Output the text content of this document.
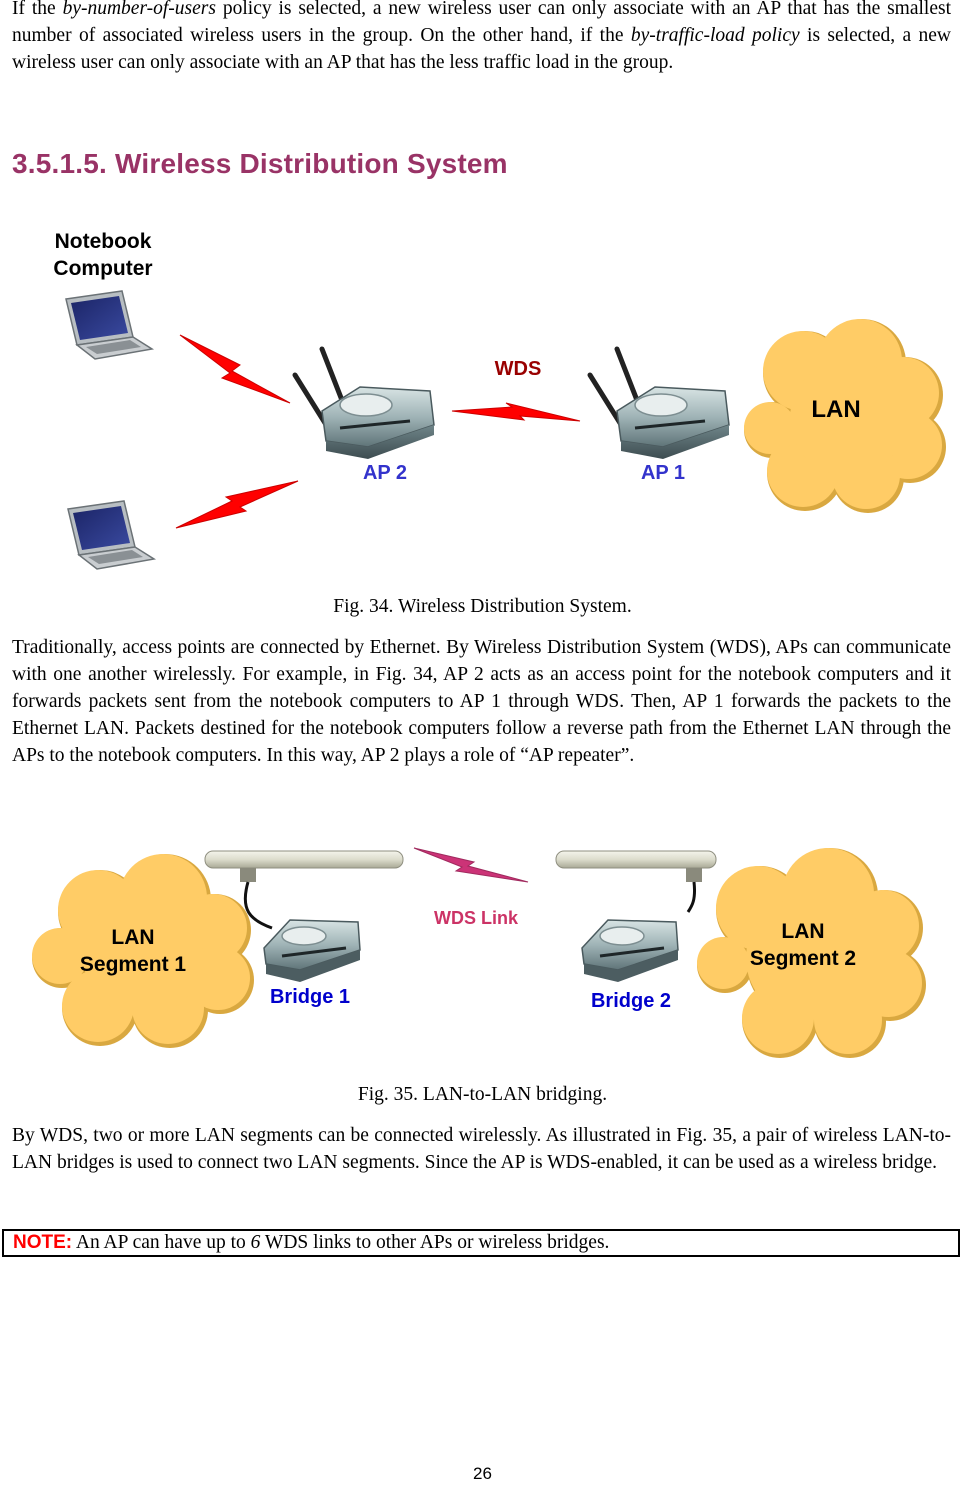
If the by-number-of-users policy is selected, a new wireless user can only associate with an AP that has the smallest number of associated wireless users in the group. On the other hand, if the by-traffic-load policy is selected, a new wireless user can only associate with an AP that has the less traffic load in the group.
3.5.1.5. Wireless Distribution System
Notebook
Computer
AP 2	AP 1
WDS
LAN
Fig. 34. Wireless Distribution System.
Traditionally, access points are connected by Ethernet. By Wireless Distribution System (WDS), APs can communicate with one another wirelessly. For example, in Fig. 34, AP 2 acts as an access point for the notebook computers and it forwards packets sent from the notebook computers to AP 1 through WDS. Then, AP 1 forwards the packets to the Ethernet LAN. Packets destined for the notebook computers follow a reverse path from the Ethernet LAN through the APs to the notebook computers. In this way, AP 2 plays a role of “AP repeater”.
LAN
Segment 1
LAN
Segment 2
WDS Link
Bridge 1	Bridge 2
Fig. 35. LAN-to-LAN bridging.
By WDS, two or more LAN segments can be connected wirelessly. As illustrated in Fig. 35, a pair of wireless LAN-to-LAN bridges is used to connect two LAN segments. Since the AP is WDS-enabled, it can be used as a wireless bridge.
NOTE: An AP can have up to 6 WDS links to other APs or wireless bridges.
26
